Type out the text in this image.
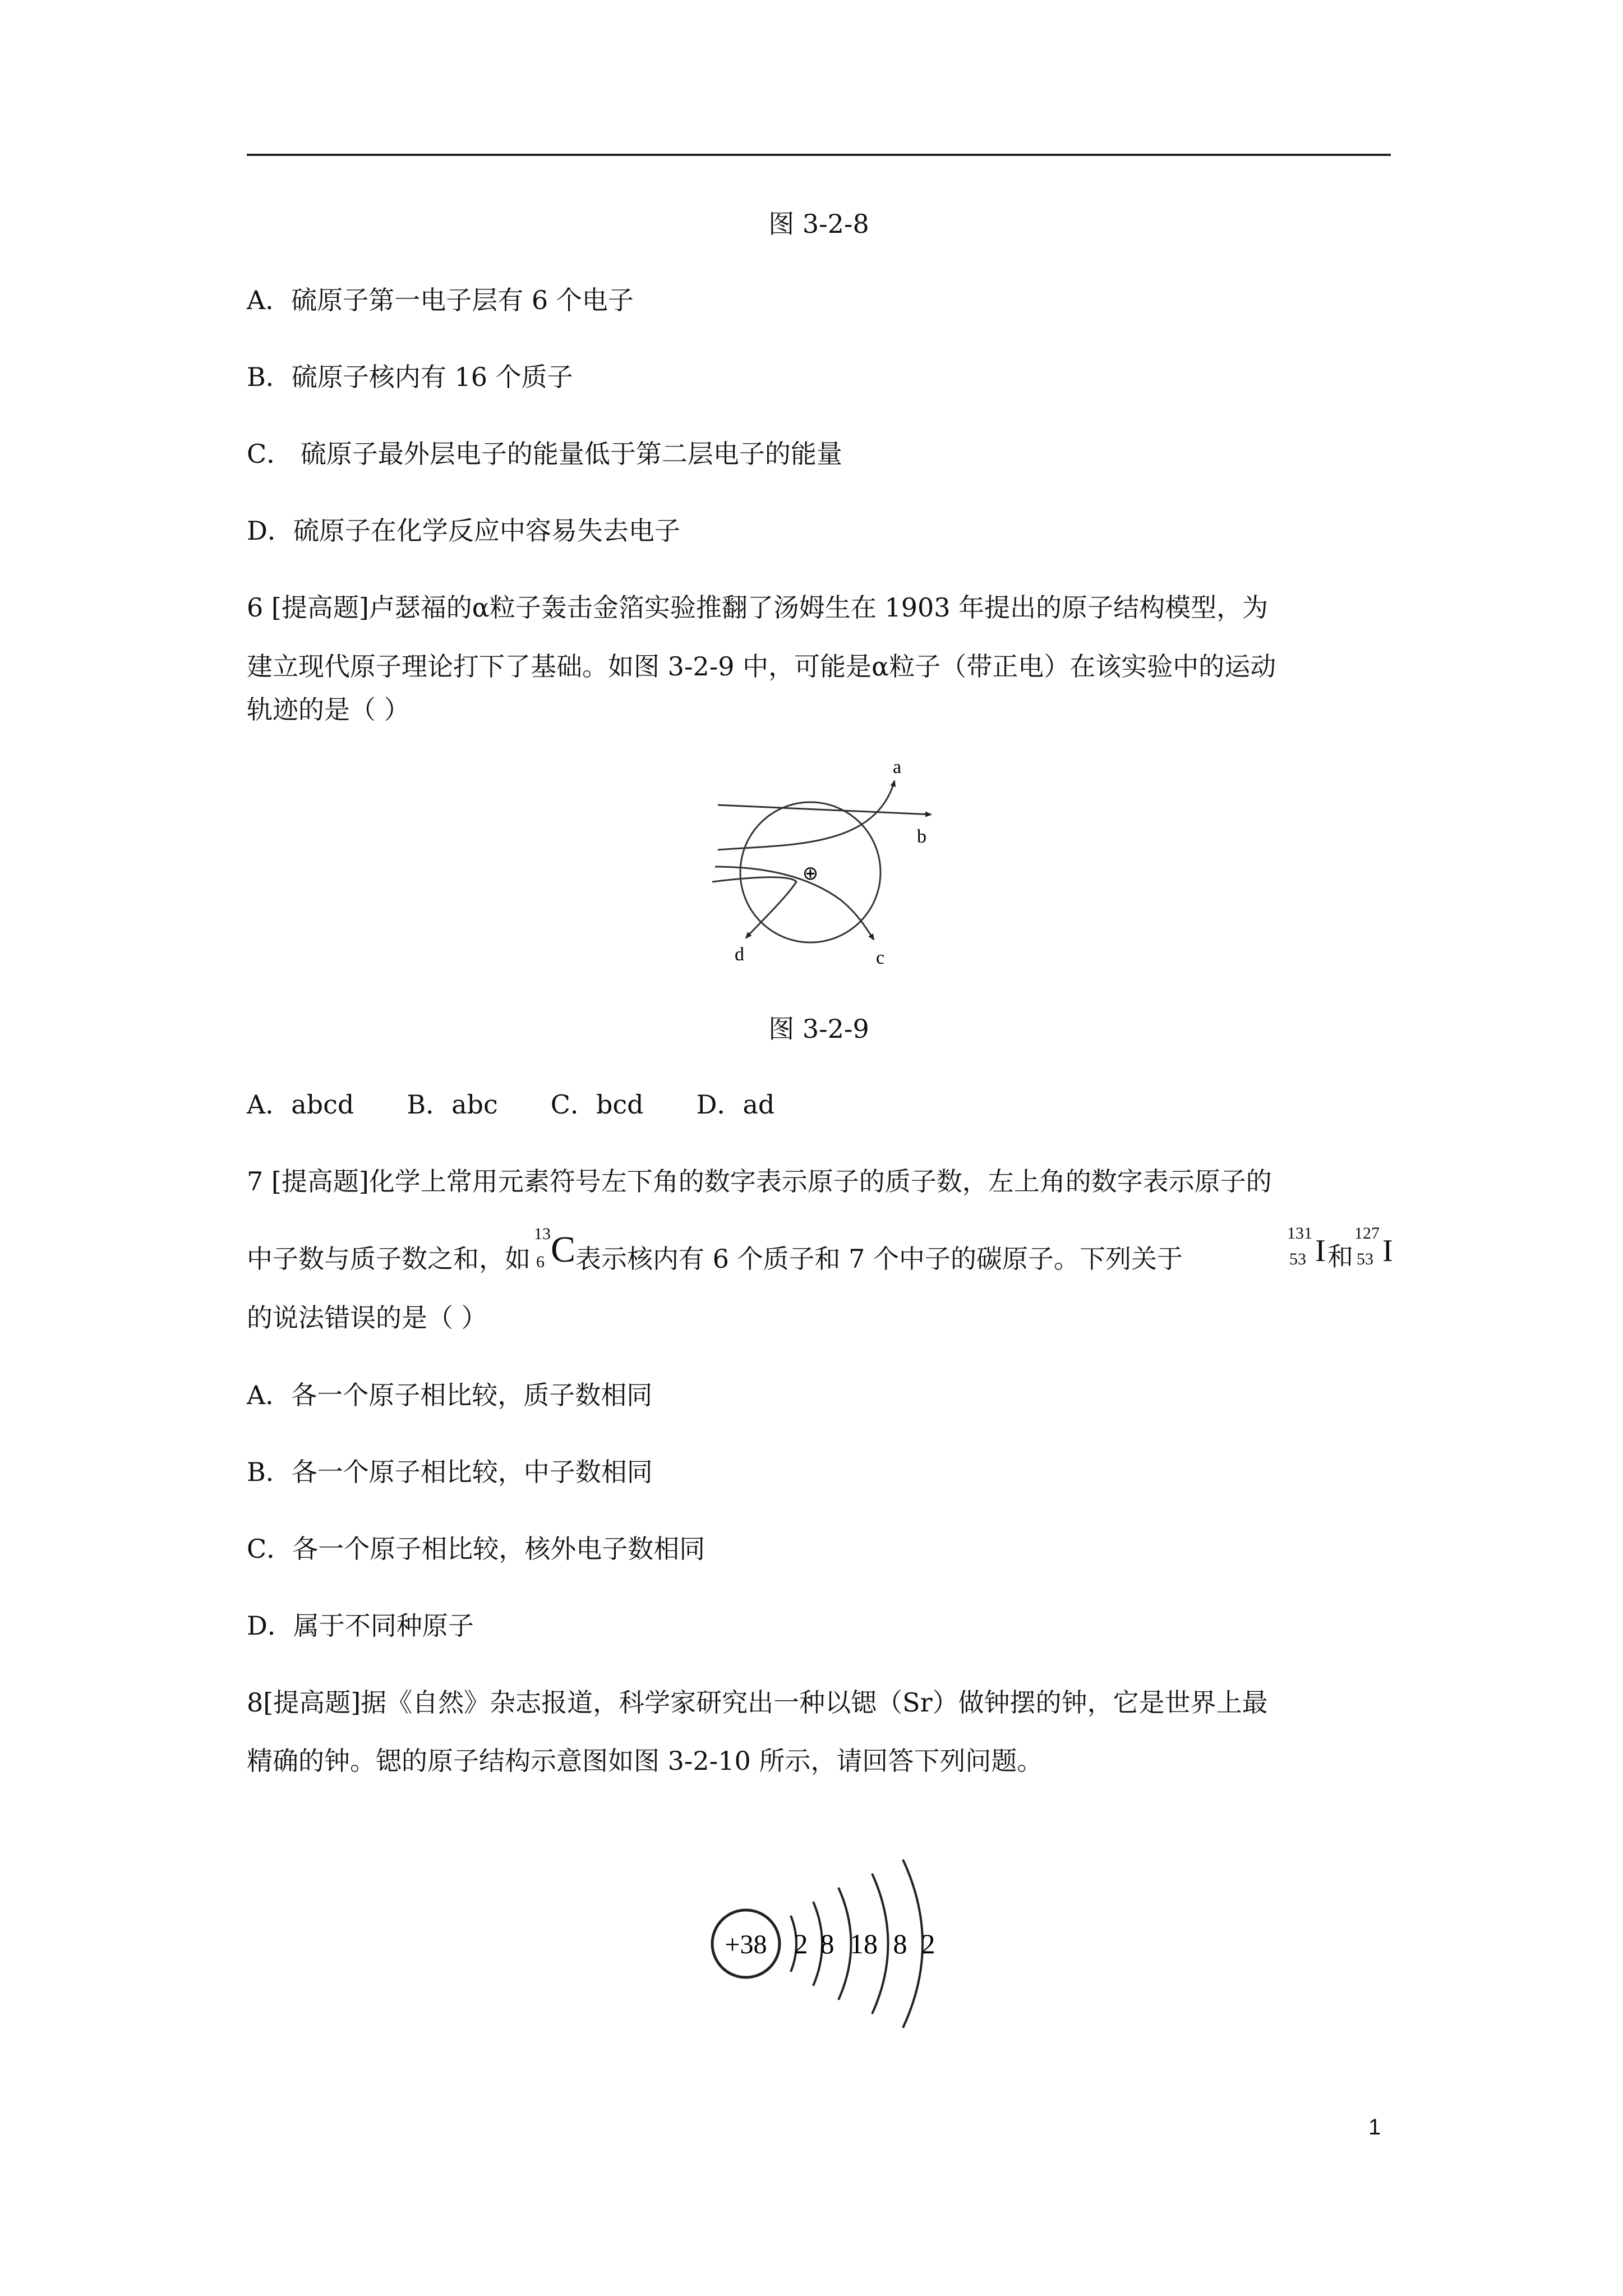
图 3-2-8
A．硫原子第一电子层有 6 个电子
B．硫原子核内有 16 个质子
C． 硫原子最外层电子的能量低于第二层电子的能量
D．硫原子在化学反应中容易失去电子
6 [提高题]卢瑟福的α粒子轰击金箔实验推翻了汤姆生在 1903 年提出的原子结构模型，为
建立现代原子理论打下了基础。如图 3-2-9 中，可能是α粒子（带正电）在该实验中的运动
轨迹的是（ ）
⊕
a
b
c
d
图 3-2-9
A．abcd B．abc C．bcd D．ad
7 [提高题]化学上常用元素符号左下角的数字表示原子的质子数，左上角的数字表示原子的
中子数与质子数之和，如
13
6 C 表示核内有 6 个质子和 7 个中子的碳原子。下列关于
131
53 I 和
127
53 I
的说法错误的是（ ）
A．各一个原子相比较，质子数相同
B．各一个原子相比较，中子数相同
C．各一个原子相比较，核外电子数相同
D．属于不同种原子
8[提高题]据《自然》杂志报道，科学家研究出一种以锶（Sr）做钟摆的钟，它是世界上最
精确的钟。锶的原子结构示意图如图 3-2-10 所示，请回答下列问题。
+38 2 8 18 8 2
1
